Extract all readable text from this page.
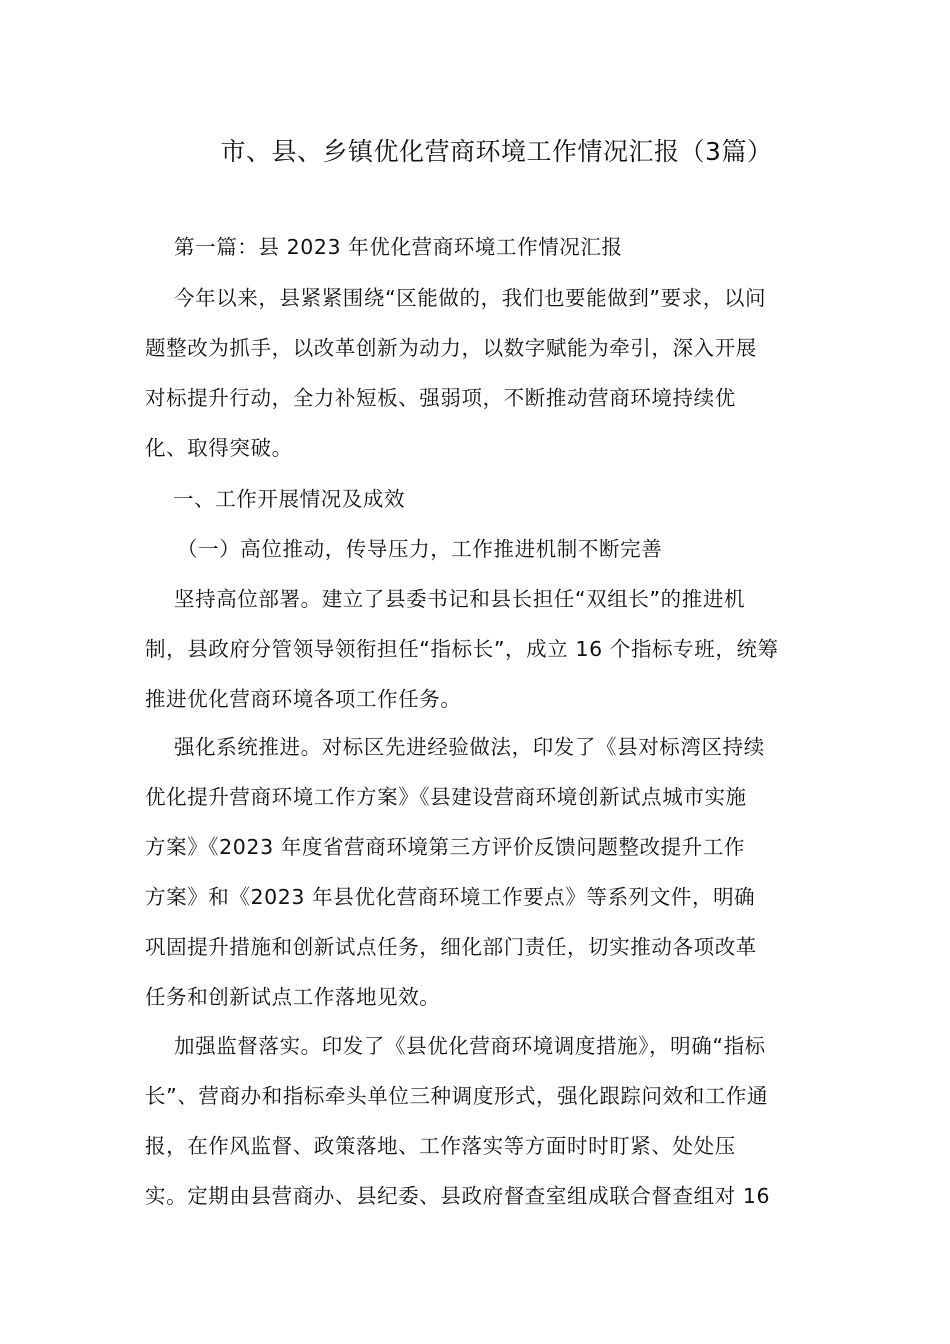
市、县、乡镇优化营商环境工作情况汇报（3篇）
第一篇：县 2023 年优化营商环境工作情况汇报
今年以来，县紧紧围绕“区能做的，我们也要能做到”要求，以问
题整改为抓手，以改革创新为动力，以数字赋能为牵引，深入开展
对标提升行动，全力补短板、强弱项，不断推动营商环境持续优
化、取得突破。
一、工作开展情况及成效
（一）高位推动，传导压力，工作推进机制不断完善
坚持高位部署。建立了县委书记和县长担任“双组长”的推进机
制，县政府分管领导领衔担任“指标长”，成立 16 个指标专班，统筹
推进优化营商环境各项工作任务。
强化系统推进。对标区先进经验做法，印发了《县对标湾区持续
优化提升营商环境工作方案》《县建设营商环境创新试点城市实施
方案》《2023 年度省营商环境第三方评价反馈问题整改提升工作
方案》和《2023 年县优化营商环境工作要点》等系列文件，明确
巩固提升措施和创新试点任务，细化部门责任，切实推动各项改革
任务和创新试点工作落地见效。
加强监督落实。印发了《县优化营商环境调度措施》，明确“指标
长”、营商办和指标牵头单位三种调度形式，强化跟踪问效和工作通
报，在作风监督、政策落地、工作落实等方面时时盯紧、处处压
实。定期由县营商办、县纪委、县政府督查室组成联合督查组对 16
